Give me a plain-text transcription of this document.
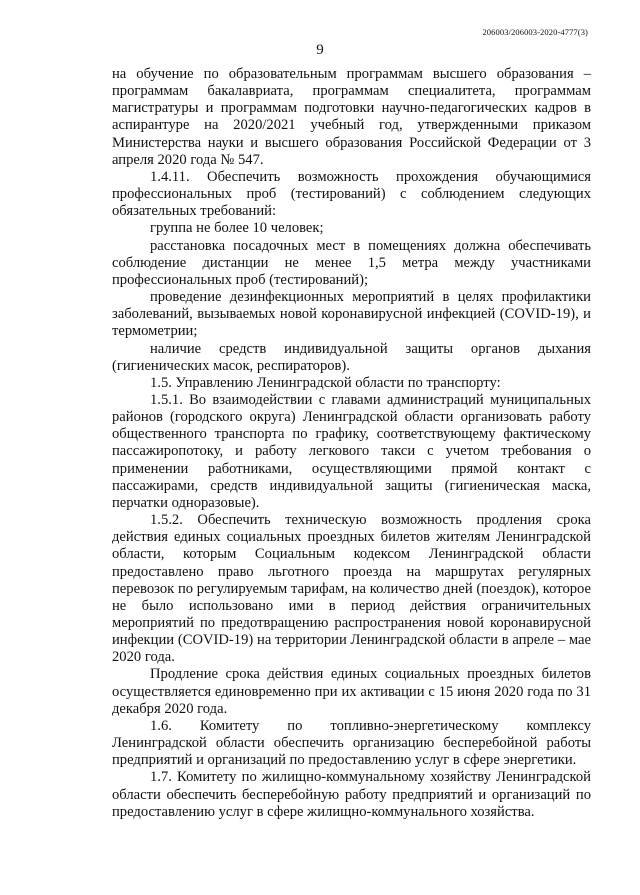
206003/206003-2020-4777(3)
9

на обучение по образовательным программам высшего образования – программам бакалавриата, программам специалитета, программам магистратуры и программам подготовки научно-педагогических кадров в аспирантуре на 2020/2021 учебный год, утвержденными приказом Министерства науки и высшего образования Российской Федерации от 3 апреля 2020 года № 547.

1.4.11. Обеспечить возможность прохождения обучающимися профессиональных проб (тестирований) с соблюдением следующих обязательных требований:

группа не более 10 человек;

расстановка посадочных мест в помещениях должна обеспечивать соблюдение дистанции не менее 1,5 метра между участниками профессиональных проб (тестирований);

проведение дезинфекционных мероприятий в целях профилактики заболеваний, вызываемых новой коронавирусной инфекцией (COVID-19), и термометрии;

наличие средств индивидуальной защиты органов дыхания (гигиенических масок, респираторов).

1.5. Управлению Ленинградской области по транспорту:

1.5.1. Во взаимодействии с главами администраций муниципальных районов (городского округа) Ленинградской области организовать работу общественного транспорта по графику, соответствующему фактическому пассажиропотоку, и работу легкового такси с учетом требования о применении работниками, осуществляющими прямой контакт с пассажирами, средств индивидуальной защиты (гигиеническая маска, перчатки одноразовые).

1.5.2. Обеспечить техническую возможность продления срока действия единых социальных проездных билетов жителям Ленинградской области, которым Социальным кодексом Ленинградской области предоставлено право льготного проезда на маршрутах регулярных перевозок по регулируемым тарифам, на количество дней (поездок), которое не было использовано ими в период действия ограничительных мероприятий по предотвращению распространения новой коронавирусной инфекции (COVID-19) на территории Ленинградской области в апреле – мае 2020 года.

Продление срока действия единых социальных проездных билетов осуществляется единовременно при их активации с 15 июня 2020 года по 31 декабря 2020 года.

1.6. Комитету по топливно-энергетическому комплексу Ленинградской области обеспечить организацию бесперебойной работы предприятий и организаций по предоставлению услуг в сфере энергетики.

1.7. Комитету по жилищно-коммунальному хозяйству Ленинградской области обеспечить бесперебойную работу предприятий и организаций по предоставлению услуг в сфере жилищно-коммунального хозяйства.
